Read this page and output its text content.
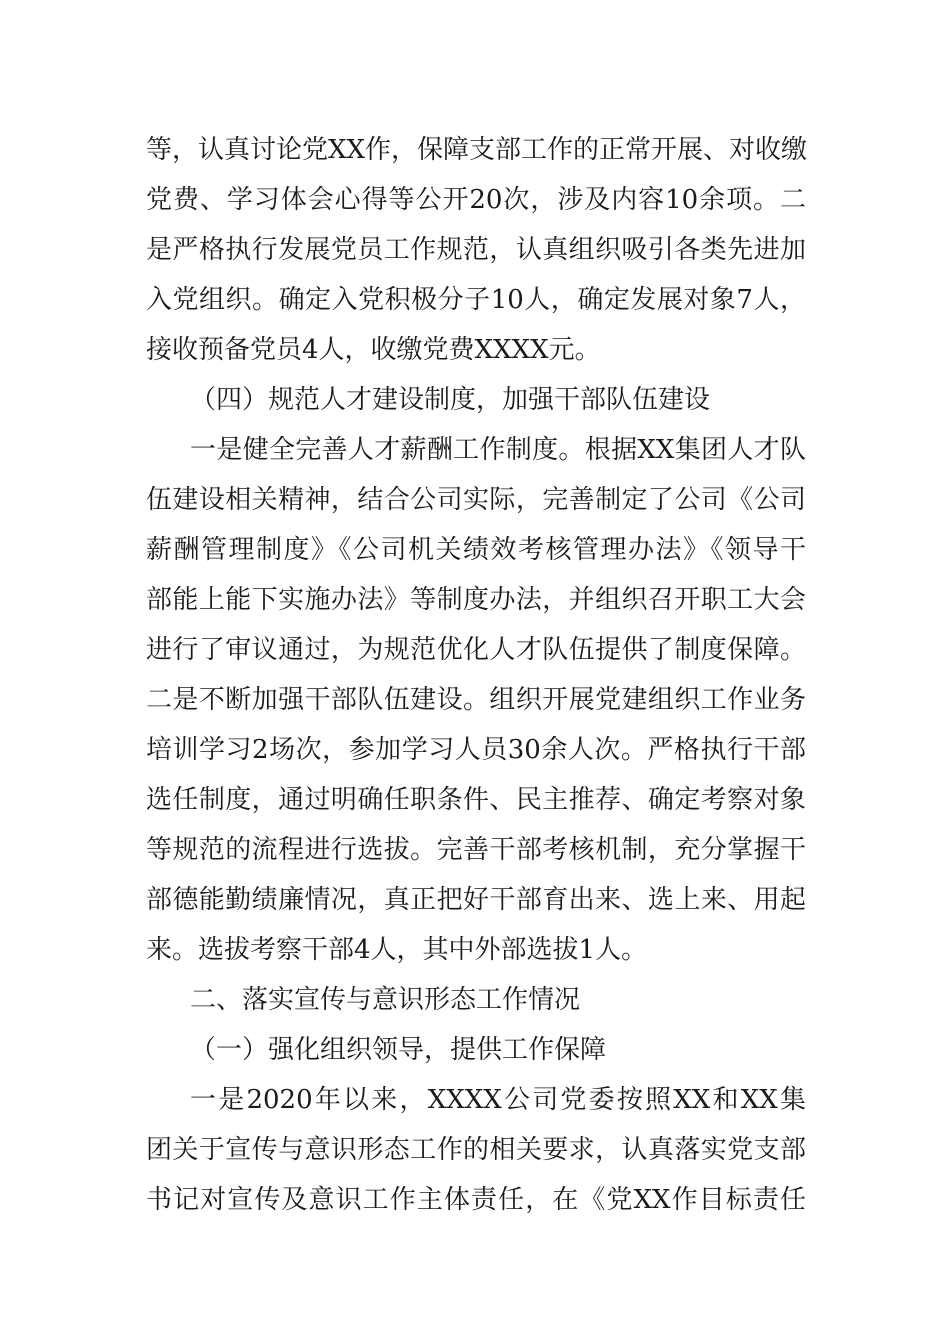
等，认真讨论党XX作，保障支部工作的正常开展、对收缴
党费、学习体会心得等公开20次，涉及内容10余项。二
是严格执行发展党员工作规范，认真组织吸引各类先进加
入党组织。确定入党积极分子10人，确定发展对象7人，
接收预备党员4人，收缴党费XXXX元。
（四）规范人才建设制度，加强干部队伍建设
一是健全完善人才薪酬工作制度。根据XX集团人才队
伍建设相关精神，结合公司实际，完善制定了公司《公司
薪酬管理制度》《公司机关绩效考核管理办法》《领导干
部能上能下实施办法》等制度办法，并组织召开职工大会
进行了审议通过，为规范优化人才队伍提供了制度保障。
二是不断加强干部队伍建设。组织开展党建组织工作业务
培训学习2场次，参加学习人员30余人次。严格执行干部
选任制度，通过明确任职条件、民主推荐、确定考察对象
等规范的流程进行选拔。完善干部考核机制，充分掌握干
部德能勤绩廉情况，真正把好干部育出来、选上来、用起
来。选拔考察干部4人，其中外部选拔1人。
二、落实宣传与意识形态工作情况
（一）强化组织领导，提供工作保障
一是2020年以来，XXXX公司党委按照XX和XX集
团关于宣传与意识形态工作的相关要求，认真落实党支部
书记对宣传及意识工作主体责任，在《党XX作目标责任
